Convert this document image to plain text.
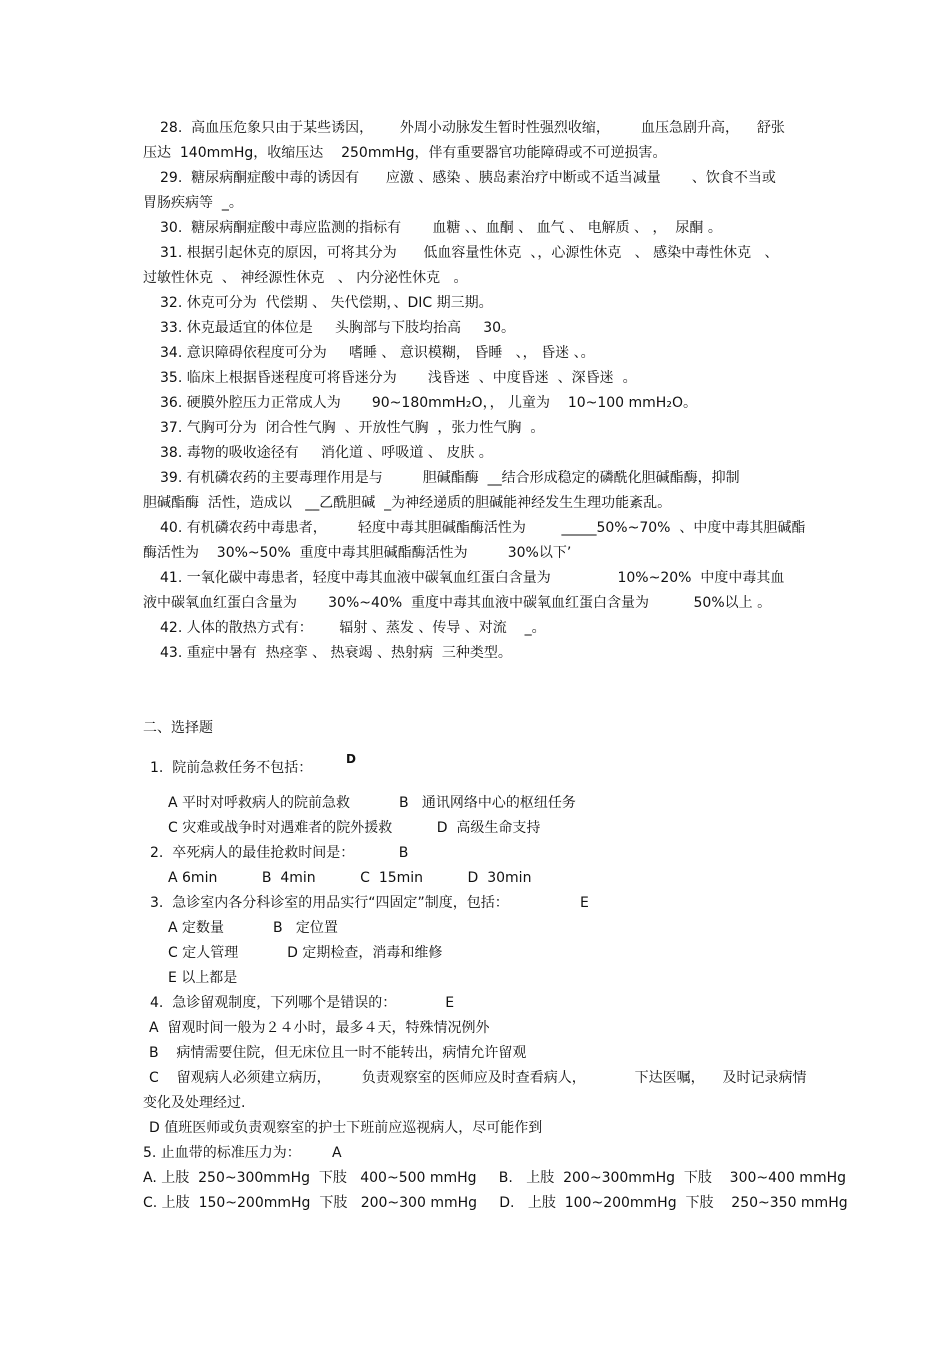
28.  高血压危象只由于某些诱因，      外周小动脉发生暂时性强烈收缩，       血压急剧升高，    舒张
压达  140mmHg，收缩压达    250mmHg，伴有重要器官功能障碍或不可逆损害。
29.  糖尿病酮症酸中毒的诱因有      应激 、感染 、胰岛素治疗中断或不适当减量       、饮食不当或
胃肠疾病等  _。
30.  糖尿病酮症酸中毒应监测的指标有       血糖 、、血酮 、 血气 、 电解质 、 ，  尿酮 。
31. 根据引起休克的原因，可将其分为      低血容量性休克  、，心源性休克   、 感染中毒性休克   、
过敏性休克  、 神经源性休克   、 内分泌性休克   。
32. 休克可分为  代偿期 、 失代偿期，、DIC 期三期。
33. 休克最适宜的体位是     头胸部与下肢均抬高     30。
34. 意识障碍依程度可分为     嗜睡 、 意识模糊， 昏睡   、， 昏迷 、。
35. 临床上根据昏迷程度可将昏迷分为       浅昏迷  、中度昏迷  、深昏迷  。
36. 硬膜外腔压力正常成人为       90~180mmH₂O，， 儿童为    10~100 mmH₂O。
37. 气胸可分为  闭合性气胸  、开放性气胸  ，张力性气胸  。
38. 毒物的吸收途径有     消化道 、呼吸道 、 皮肤 。
39. 有机磷农药的主要毒理作用是与         胆碱酯酶  __结合形成稳定的磷酰化胆碱酯酶，抑制
胆碱酯酶  活性，造成以   __乙酰胆碱  _为神经递质的胆碱能神经发生生理功能紊乱。
40. 有机磷农药中毒患者，       轻度中毒其胆碱酯酶活性为        _____50%~70%  、中度中毒其胆碱酯
酶活性为    30%~50%  重度中毒其胆碱酯酶活性为         30%以下’
41. 一氧化碳中毒患者，轻度中毒其血液中碳氧血红蛋白含量为               10%~20%  中度中毒其血
液中碳氧血红蛋白含量为       30%~40%  重度中毒其血液中碳氧血红蛋白含量为          50%以上 。
42. 人体的散热方式有：      辐射 、蒸发 、传导 、对流    _。
43. 重症中暑有  热痉挛 、 热衰竭 、热射病  三种类型。
二、选择题
1.  院前急救任务不包括：
D
A 平时对呼救病人的院前急救           B   通讯网络中心的枢纽任务
C 灾难或战争时对遇难者的院外援救          D  高级生命支持
2.  卒死病人的最佳抢救时间是：          B
A 6min          B  4min          C  15min          D  30min
3.  急诊室内各分科诊室的用品实行“四固定”制度，包括：                E
A 定数量           B   定位置
C 定人管理           D 定期检查，消毒和维修
E 以上都是
4.  急诊留观制度，下列哪个是错误的：           E
A  留观时间一般为２４小时，最多４天，特殊情况例外
B    病情需要住院，但无床位且一时不能转出，病情允许留观
C    留观病人必须建立病历，       负责观察室的医师应及时查看病人，           下达医嘱，    及时记录病情
变化及处理经过.
D 值班医师或负责观察室的护士下班前应巡视病人，尽可能作到
5. 止血带的标准压力为：       A
A. 上肢  250~300mmHg  下肢   400~500 mmHg     B.   上肢  200~300mmHg  下肢    300~400 mmHg
C. 上肢  150~200mmHg  下肢   200~300 mmHg     D.   上肢  100~200mmHg  下肢    250~350 mmHg
